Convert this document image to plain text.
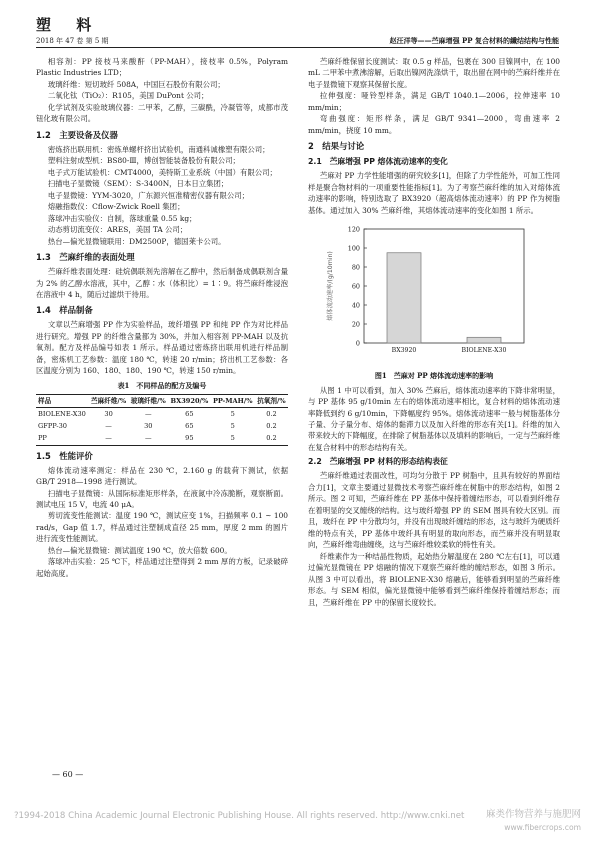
塑 料
2018 年 47 卷 第 5 期	赵汪洋等——苎麻增强 PP 复合材料的纖结结构与性能

相容剂：PP 接枝马来酸酐（PP-MAH），接枝率 0.5%，Polyram Plastic Industries LTD；

玻璃纤维：短切玻纤 508A，中国巨石股份有限公司；

二氧化钛（TiO₂）：R105，美国 DuPont 公司；

化学试剂及实验玻璃仪器：二甲苯，乙醇，三碳酰，冷凝管等，成都市茂钮化玻有限公司。

1.2　主要设备及仪器

密炼挤出联用机：密炼单螺杆挤出试验机，南通科诚橡塑有限公司；

塑料注射成型机：BS80-Ⅲ，博创智能装备股份有限公司；

电子式万能试验机：CMT4000，美特斯工业系统（中国）有限公司；

扫描电子显微镜（SEM）：S-3400N，日本日立集团；

电子显微镜：YYM-3020，广东源兴恒准精密仪器有限公司；

熔融指数仪：Cflow-Zwick Roell 集团；

落球冲击实验仪：自制，落球重量 0.55 kg；

动态剪切流变仪：ARES，美国 TA 公司；

热台—偏光显微镜联用：DM2500P，德国莱卡公司。

1.3　苎麻纤维的表面处理

苎麻纤维表面处理：硅烷偶联剂先溶解在乙醇中，然后制备成偶联剂含量为 2% 的乙醇水溶液，其中，乙醇∶水（体积比）= 1∶9。将苎麻纤维浸泡在溶液中 4 h，随后过滤烘干待用。

1.4　样品制备

文章以苎麻增强 PP 作为实验样品，玻纤增强 PP 和纯 PP 作为对比样品进行研究。增强 PP 的纤维含量都为 30%，并加入相容剂 PP-MAH 以及抗氧剂。配方及样品编号如表 1 所示。样品通过密炼挤出联用机进行样品制备，密炼机工艺参数：温度 180 ℃，转速 20 r/min；挤出机工艺参数：各区温度分别为 160、180、180、190 ℃，转速 150 r/min。

表1　不同样品的配方及编号
样品	苎麻纤维/%	玻璃纤维/%	BX3920/%	PP-MAH/%	抗氧剂/%
BIOLENE-X30	30	—	65	5	0.2
GFPP-30	—	30	65	5	0.2
PP	—	—	95	5	0.2
1.5　性能评价

熔体流动速率测定：样品在 230 ℃，2.160 g 的载荷下测试，依据 GB/T 2918—1998 进行测试。

扫描电子显微镜：从国际标准矩形样条，在液氮中冷冻脆断，观察断面。测试电压 15 V，电流 40 μA。

剪切流变性能测试：温度 190 ℃，测试应变 1%，扫描频率 0.1 ~ 100 rad/s，Gap 值 1.7，样品通过注塑制成直径 25 mm，厚度 2 mm 的圆片进行流变性能测试。

热台—偏光显微镜：测试温度 190 ℃，放大倍数 600。

落球冲击实验：25 ℃下，样品通过注塑得到 2 mm 厚的方板，记录破碎起始高度。

苎麻纤维保留长度测试：取 0.5 g 样品，包裹在 300 目镍网中，在 100 mL 二甲苯中煮沸溶解，后取出镍网洗涤烘干，取出留在网中的苎麻纤维并在电子显微镜下观察其保留长度。

拉伸强度：哑铃型样条，满足 GB/T 1040.1—2006，拉伸速率 10 mm/min；

弯曲强度：矩形样条，满足 GB/T 9341—2000，弯曲速率 2 mm/min，挠度 10 mm。

2　结果与讨论
2.1　苎麻增强 PP 熔体流动速率的变化

苎麻对 PP 力学性能增强的研究较多[1]，但除了力学性能外，可加工性同样是聚合物材料的一项重要性能指标[1]。为了考察苎麻纤维的加入对熔体流动速率的影响，特别选取了 BX3920（超高熔体流动速率）的 PP 作为树脂基体。通过加入 30% 苎麻纤维，其熔体流动速率的变化如图 1 所示。

0
20
40
60
80
100
120
BX3920	BIOLENE-X30
熔体流动速率/(g/10min)
图1　苎麻对 PP 熔体流动速率的影响

从图 1 中可以看到，加入 30% 苎麻后，熔体流动速率的下降非常明显，与 PP 基体 95 g/10min 左右的熔体流动速率相比，复合材料的熔体流动速率降低到约 6 g/10min，下降幅度约 95%。熔体流动速率一般与树脂基体分子量、分子量分布、熔体的黏滞力以及加入纤维的形态有关[1]。纤维的加入带来较大的下降幅度，在排除了树脂基体以及填料的影响后，一定与苎麻纤维在复合材料中的形态结构有关。

2.2　苎麻增强 PP 材料的形态结构表征

苎麻纤维通过表面改性，可均匀分散于 PP 树脂中，且具有较好的界面结合力[1]，文章主要通过显微技术考察苎麻纤维在树脂中的形态结构，如图 2 所示。图 2 可知，苎麻纤维在 PP 基体中保持着缠结形态，可以看到纤维存在着明显的交叉缠绕的结构。这与玻纤增强 PP 的 SEM 图具有较大区别。而且，玻纤在 PP 中分散均匀，并没有出现玻纤缠结的形态，这与玻纤为硬质纤维的特点有关，PP 基体中玻纤具有明显的取向形态，而苎麻并没有明显取向，苎麻纤维弯曲缠绕，这与苎麻纤维较柔软的特性有关。

纤维素作为一种结晶性物质，起始热分解温度在 280 ℃左右[1]，可以通过偏光显微镜在 PP 熔融的情况下观察苎麻纤维的缠结形态，如图 3 所示。从图 3 中可以看出，将 BIOLENE-X30 熔融后，能够看到明显的苎麻纤维形态。与 SEM 相似，偏光显微镜中能够看到苎麻纤维保持着缠结形态；而且，苎麻纤维在 PP 中的保留长度较长。

— 60 —
?1994-2018 China Academic Journal Electronic Publishing House. All rights reserved. http://www.cnki.net 麻类作物营养与施肥网
www.fibercrops.com
